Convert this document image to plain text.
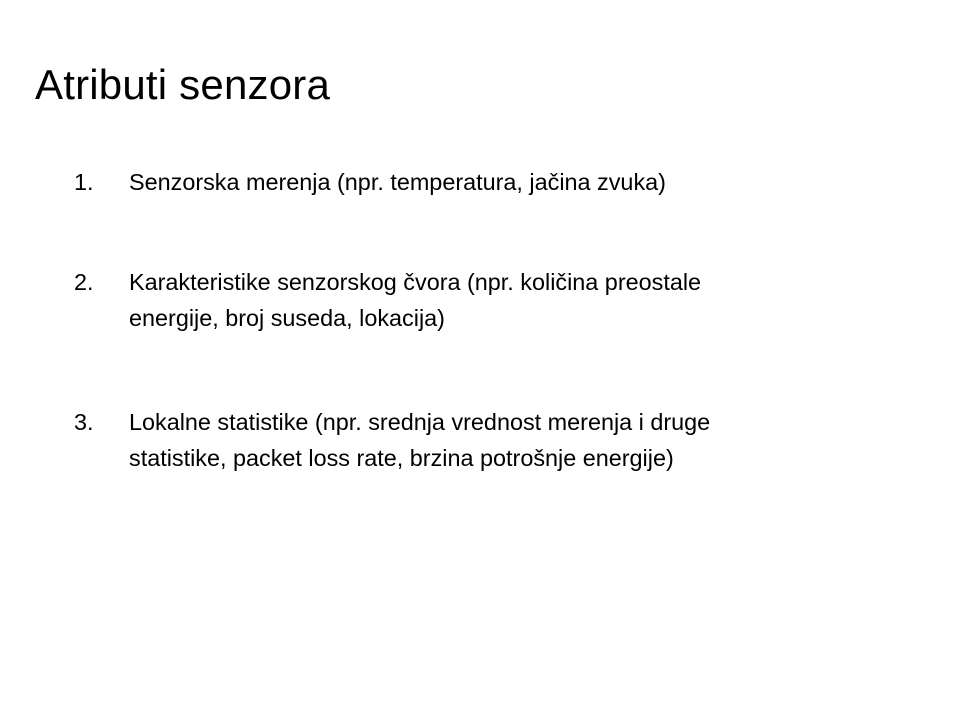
Atributi senzora
1.	Senzorska merenja (npr. temperatura, jačina zvuka)
2.	Karakteristike senzorskog čvora (npr. količina preostale
energije, broj suseda, lokacija)
3.	Lokalne statistike (npr. srednja vrednost merenja i druge
statistike, packet loss rate, brzina potrošnje energije)
